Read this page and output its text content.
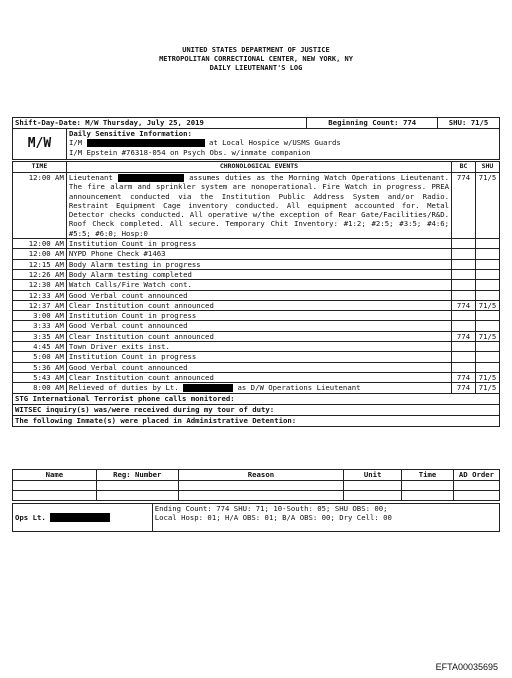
UNITED STATES DEPARTMENT OF JUSTICE
METROPOLITAN CORRECTIONAL CENTER, NEW YORK, NY
DAILY LIEUTENANT'S LOG
Shift-Day-Date: M/W Thursday, July 25, 2019		Beginning Count: 774	SHU: 71/5
M/W	Daily Sensitive Information:
I/M at Local Hospice w/USMS Guards
I/M Epstein #76318-054 on Psych Obs. w/inmate companion		
TIME	CHRONOLOGICAL EVENTS	BC	SHU
12:00 AM	Lieutenant assumes duties as the Morning Watch Operations Lieutenant. The fire alarm and sprinkler system are nonoperational. Fire Watch in progress. PREA announcement conducted via the Institution Public Address System and/or Radio. Restraint Equipment Cage inventory conducted. All equipment accounted for. Metal Detector checks conducted. All operative w/the exception of Rear Gate/Facilities/R&D. Roof Check completed. All secure. Temporary Chit Inventory: #1:2; #2:5; #3:5; #4:6; #5:5; #6:0; Hosp:0	774	71/5
12:00 AM	Institution Count in progress		
12:00 AM	NYPD Phone Check #1463		
12:15 AM	Body Alarm testing in progress		
12:26 AM	Body Alarm testing completed		
12:30 AM	Watch Calls/Fire Watch cont.		
12:33 AM	Good Verbal count announced		
12:37 AM	Clear Institution count announced	774	71/5
3:00 AM	Institution Count in progress		
3:33 AM	Good Verbal count announced		
3:35 AM	Clear Institution count announced	774	71/5
4:45 AM	Town Driver exits inst.		
5:00 AM	Institution Count in progress		
5:36 AM	Good Verbal count announced		
5:43 AM	Clear Institution count announced	774	71/5
8:00 AM	Relieved of duties by Lt. as D/W Operations Lieutenant	774	71/5
STG International Terrorist phone calls monitored:			
WITSEC inquiry(s) was/were received during my tour of duty:			
The following Inmate(s) were placed in Administrative Detention:			
Name	Reg: Number	Reason	Unit	Time	AD Order

Ops Lt.	
Ending Count: 774 SHU: 71; 10-South: 05; SHU OBS: 00;
Local Hosp: 01; H/A OBS: 01; B/A OBS: 00; Dry Cell: 00
EFTA00035695
